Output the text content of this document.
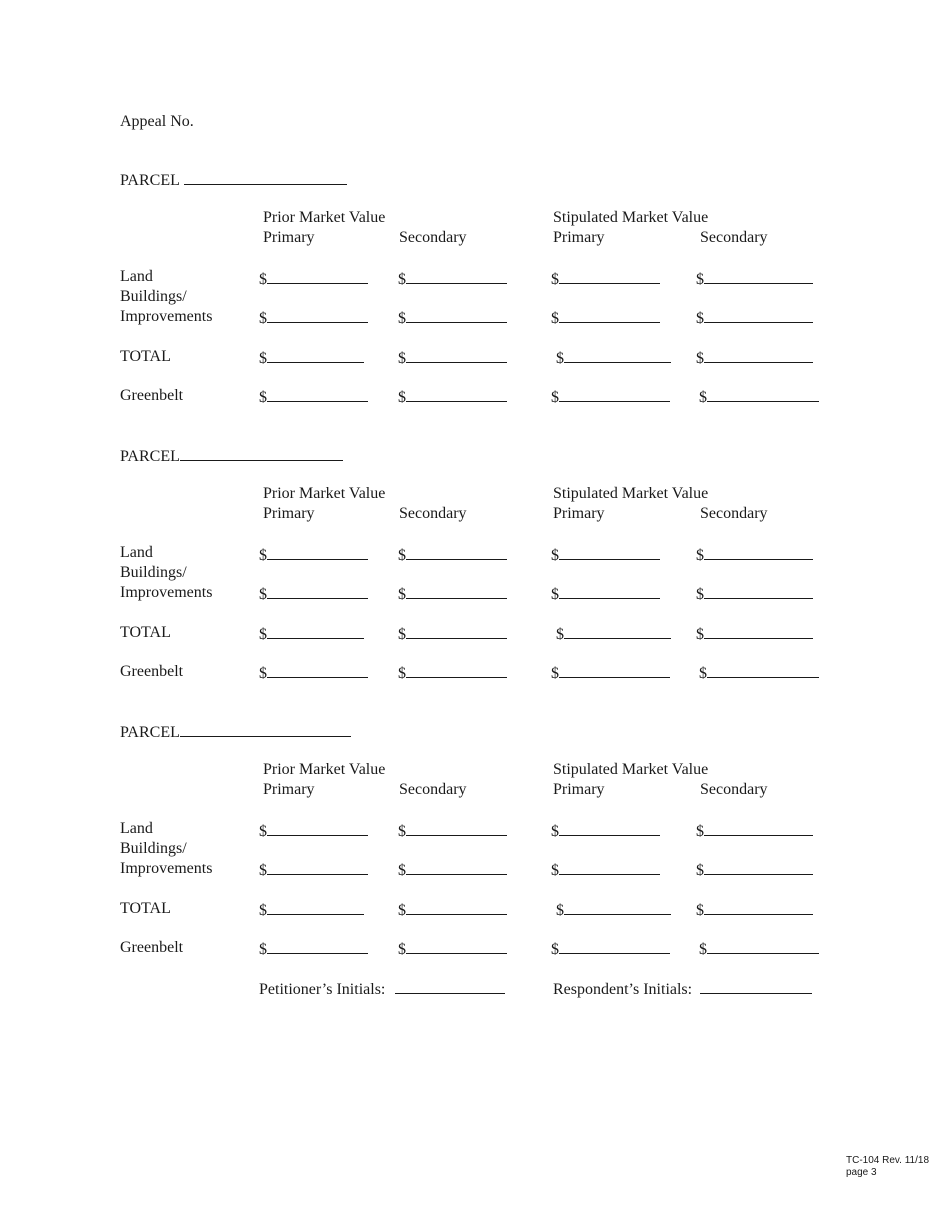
Appeal No.
PARCEL
Prior Market Value	Stipulated Market Value
Primary	Secondary	Primary	Secondary
Land	$	$	$	$
Buildings/
Improvements	$	$	$	$
TOTAL	$	$	$	$
Greenbelt	$	$	$	$
PARCEL
Prior Market Value	Stipulated Market Value
Primary	Secondary	Primary	Secondary
Land	$	$	$	$
Buildings/
Improvements	$	$	$	$
TOTAL	$	$	$	$
Greenbelt	$	$	$	$
PARCEL
Prior Market Value	Stipulated Market Value
Primary	Secondary	Primary	Secondary
Land	$	$	$	$
Buildings/
Improvements	$	$	$	$
TOTAL	$	$	$	$
Greenbelt	$	$	$	$
Petitioner’s Initials:	Respondent’s Initials:
TC-104 Rev. 11/18
page 3
